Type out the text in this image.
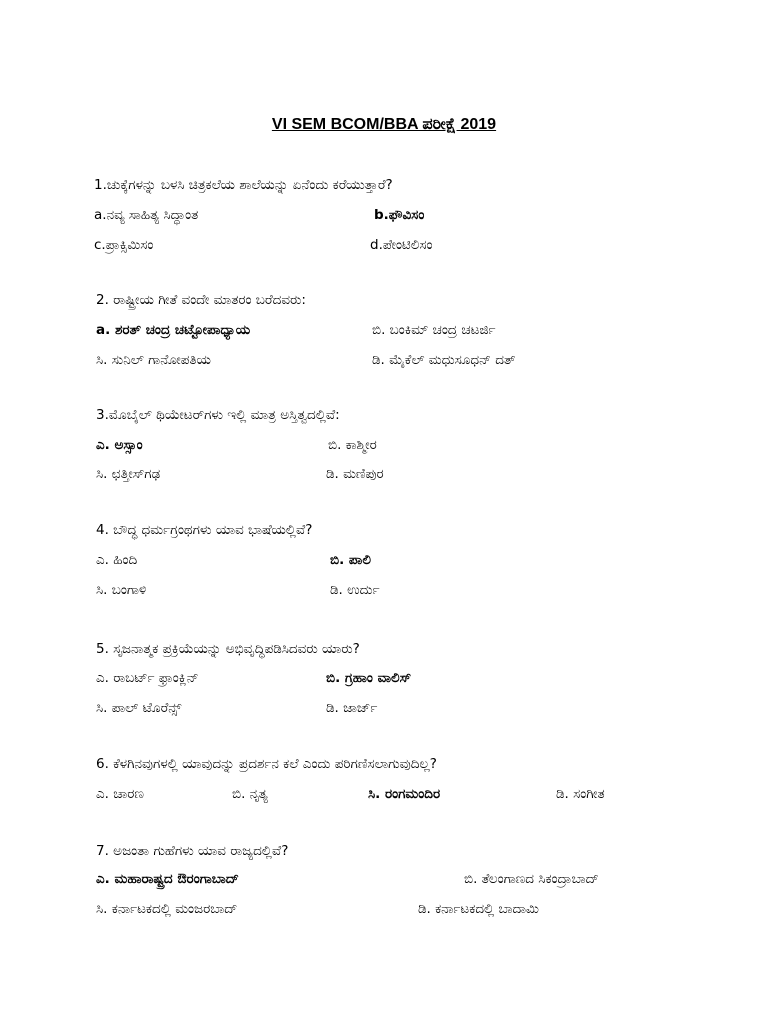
VI SEM BCOM/BBA ಪರೀಕ್ಷೆ 2019
1.ಚುಕ್ಕೆಗಳನ್ನು ಬಳಸಿ ಚಿತ್ರಕಲೆಯ ಶಾಲೆಯನ್ನು ಏನೆಂದು ಕರೆಯುತ್ತಾರೆ?
a.ನವ್ಯ ಸಾಹಿತ್ಯ ಸಿದ್ಧಾಂತ	b.ಫೌವಿಸಂ
c.ಪ್ರಾಕ್ಸಿಮಿಸಂ	d.ಪೇಂಟಿಲಿಸಂ
2. ರಾಷ್ಟ್ರೀಯ ಗೀತೆ ವಂದೇ ಮಾತರಂ ಬರೆದವರು:
a. ಶರತ್ ಚಂದ್ರ ಚಟ್ಟೋಪಾಧ್ಯಾಯ	ಬಿ. ಬಂಕಿಮ್ ಚಂದ್ರ ಚಟರ್ಜಿ
ಸಿ. ಸುನಿಲ್ ಗಾನೋಪತಿಯ	ಡಿ. ಮೈಕೆಲ್ ಮಧುಸೂಧನ್ ದತ್
3.ಮೊಬೈಲ್ ಥಿಯೇಟರ್‌ಗಳು ಇಲ್ಲಿ ಮಾತ್ರ ಅಸ್ತಿತ್ವದಲ್ಲಿವೆ:
ಎ. ಅಸ್ಸಾಂ	ಬಿ. ಕಾಶ್ಮೀರ
ಸಿ. ಛತ್ತೀಸ್‌ಗಢ	ಡಿ. ಮಣಿಪುರ
4. ಬೌದ್ಧ ಧರ್ಮಗ್ರಂಥಗಳು ಯಾವ ಭಾಷೆಯಲ್ಲಿವೆ?
ಎ. ಹಿಂದಿ	ಬಿ. ಪಾಲಿ
ಸಿ. ಬಂಗಾಳಿ	ಡಿ. ಉರ್ದು
5. ಸೃಜನಾತ್ಮಕ ಪ್ರಕ್ರಿಯೆಯನ್ನು ಅಭಿವೃದ್ಧಿಪಡಿಸಿದವರು ಯಾರು?
ಎ. ರಾಬರ್ಟ್ ಫ್ರಾಂಕ್ಲಿನ್	ಬಿ. ಗ್ರಹಾಂ ವಾಲಿಸ್
ಸಿ. ಪಾಲ್ ಟೊರೆನ್ಸ್	ಡಿ. ಜಾರ್ಜ್
6. ಕೆಳಗಿನವುಗಳಲ್ಲಿ ಯಾವುದನ್ನು ಪ್ರದರ್ಶನ ಕಲೆ ಎಂದು ಪರಿಗಣಿಸಲಾಗುವುದಿಲ್ಲ?
ಎ. ಚಾರಣ	ಬಿ. ನೃತ್ಯ	ಸಿ. ರಂಗಮಂದಿರ	ಡಿ. ಸಂಗೀತ
7. ಅಜಂತಾ ಗುಹೆಗಳು ಯಾವ ರಾಜ್ಯದಲ್ಲಿವೆ?
ಎ. ಮಹಾರಾಷ್ಟ್ರದ ಔರಂಗಾಬಾದ್	ಬಿ. ತೆಲಂಗಾಣದ ಸಿಕಂದ್ರಾಬಾದ್
ಸಿ. ಕರ್ನಾಟಕದಲ್ಲಿ ಮಂಜರಬಾದ್	ಡಿ. ಕರ್ನಾಟಕದಲ್ಲಿ ಬಾದಾಮಿ
